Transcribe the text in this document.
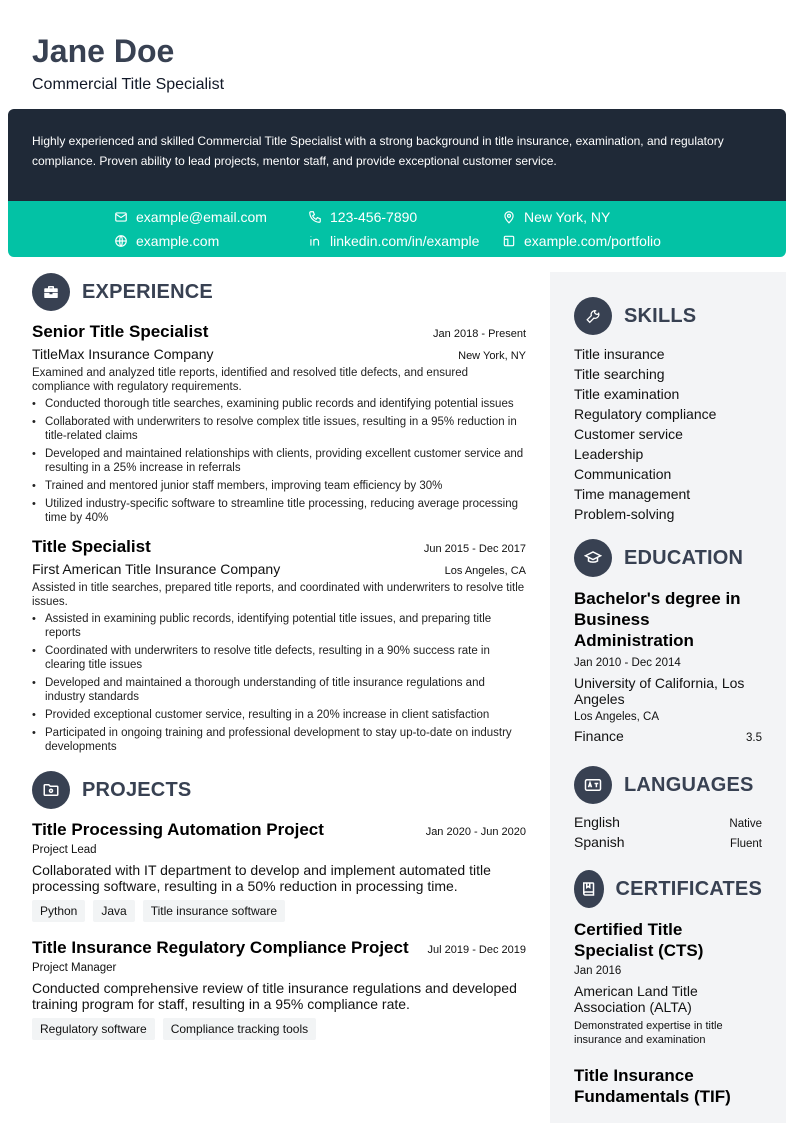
Jane Doe
Commercial Title Specialist
Highly experienced and skilled Commercial Title Specialist with a strong background in title insurance, examination, and regulatory compliance. Proven ability to lead projects, mentor staff, and provide exceptional customer service.
example@email.com	123-456-7890	New York, NY
example.com	linkedin.com/in/example	example.com/portfolio
EXPERIENCE
Senior Title Specialist	Jan 2018 - Present
TitleMax Insurance Company	New York, NY
Examined and analyzed title reports, identified and resolved title defects, and ensured compliance with regulatory requirements.
• Conducted thorough title searches, examining public records and identifying potential issues
• Collaborated with underwriters to resolve complex title issues, resulting in a 95% reduction in title-related claims
• Developed and maintained relationships with clients, providing excellent customer service and resulting in a 25% increase in referrals
• Trained and mentored junior staff members, improving team efficiency by 30%
• Utilized industry-specific software to streamline title processing, reducing average processing time by 40%
Title Specialist	Jun 2015 - Dec 2017
First American Title Insurance Company	Los Angeles, CA
Assisted in title searches, prepared title reports, and coordinated with underwriters to resolve title issues.
• Assisted in examining public records, identifying potential title issues, and preparing title reports
• Coordinated with underwriters to resolve title defects, resulting in a 90% success rate in clearing title issues
• Developed and maintained a thorough understanding of title insurance regulations and industry standards
• Provided exceptional customer service, resulting in a 20% increase in client satisfaction
• Participated in ongoing training and professional development to stay up-to-date on industry developments
PROJECTS
Title Processing Automation Project	Jan 2020 - Jun 2020
Project Lead
Collaborated with IT department to develop and implement automated title processing software, resulting in a 50% reduction in processing time.
Python	Java	Title insurance software
Title Insurance Regulatory Compliance Project Jul 2019 - Dec 2019
Project Manager
Conducted comprehensive review of title insurance regulations and developed training program for staff, resulting in a 95% compliance rate.
Regulatory software	Compliance tracking tools
SKILLS
Title insurance
Title searching
Title examination
Regulatory compliance
Customer service
Leadership
Communication
Time management
Problem-solving
EDUCATION
Bachelor's degree in Business Administration
Jan 2010 - Dec 2014
University of California, Los Angeles
Los Angeles, CA
Finance	3.5
LANGUAGES
English	Native
Spanish	Fluent
CERTIFICATES
Certified Title Specialist (CTS)
Jan 2016
American Land Title Association (ALTA)
Demonstrated expertise in title insurance and examination
Title Insurance Fundamentals (TIF)
